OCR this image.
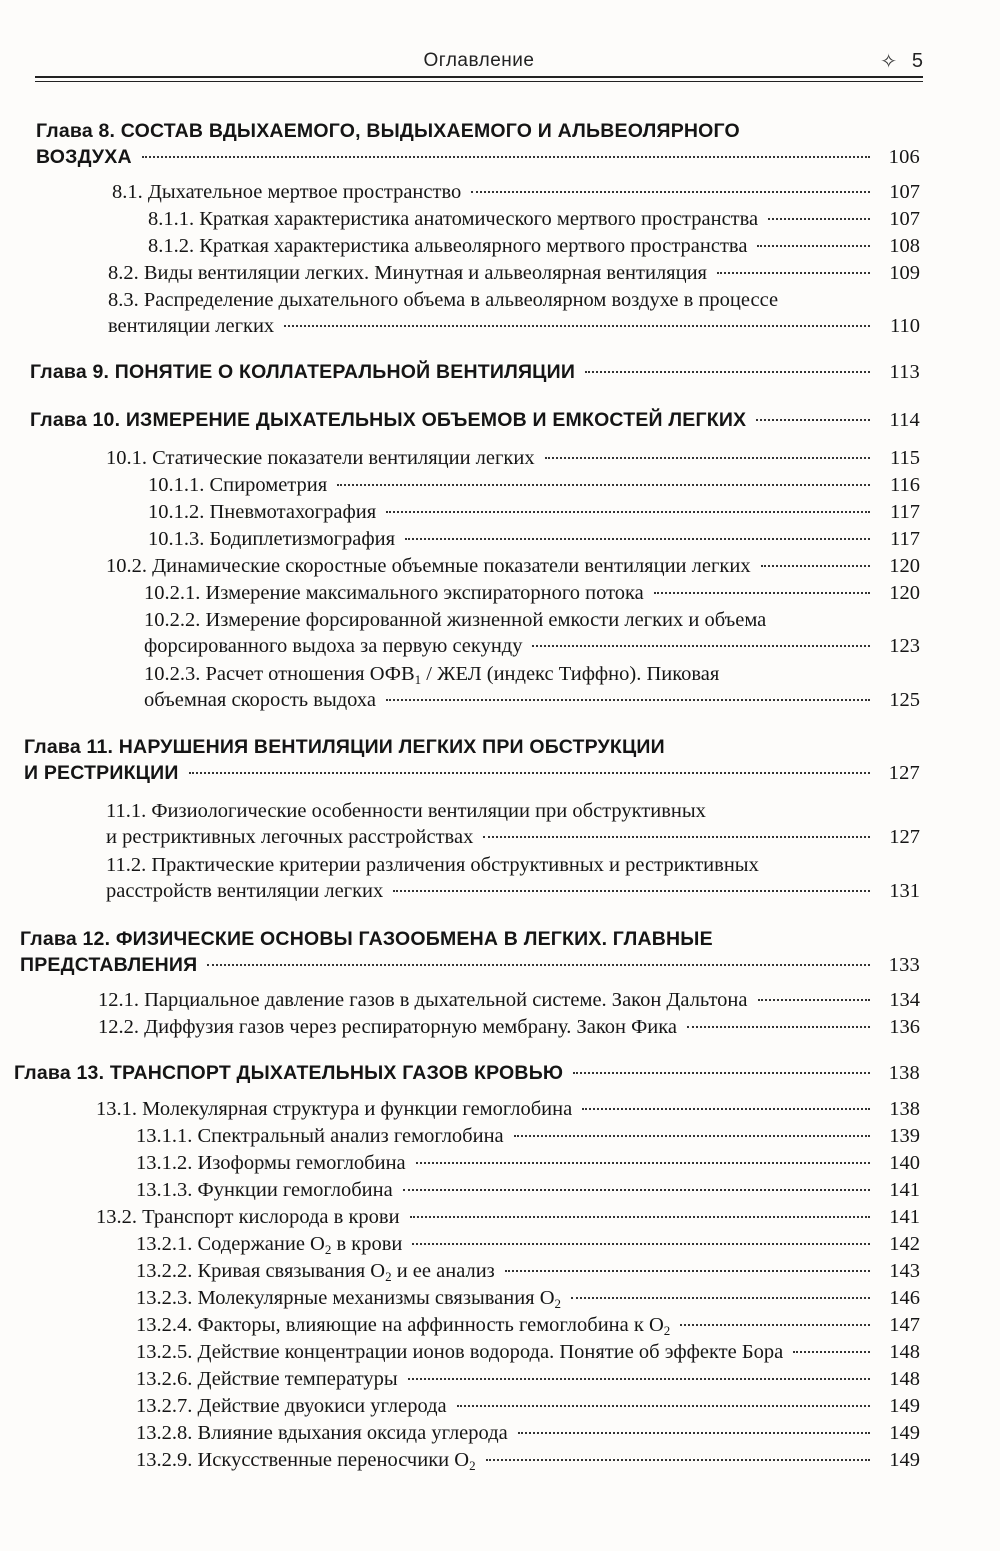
Оглавление	✧ 5
Глава 8. СОСТАВ ВДЫХАЕМОГО, ВЫДЫХАЕМОГО И АЛЬВЕОЛЯРНОГО
ВОЗДУХА	106
8.1. Дыхательное мертвое пространство	107
8.1.1. Краткая характеристика анатомического мертвого пространства	107
8.1.2. Краткая характеристика альвеолярного мертвого пространства	108
8.2. Виды вентиляции легких. Минутная и альвеолярная вентиляция	109
8.3. Распределение дыхательного объема в альвеолярном воздухе в процессе
вентиляции легких	110
Глава 9. ПОНЯТИЕ О КОЛЛАТЕРАЛЬНОЙ ВЕНТИЛЯЦИИ	113
Глава 10. ИЗМЕРЕНИЕ ДЫХАТЕЛЬНЫХ ОБЪЕМОВ И ЕМКОСТЕЙ ЛЕГКИХ	114
10.1. Статические показатели вентиляции легких	115
10.1.1. Спирометрия	116
10.1.2. Пневмотахография	117
10.1.3. Бодиплетизмография	117
10.2. Динамические скоростные объемные показатели вентиляции легких	120
10.2.1. Измерение максимального экспираторного потока	120
10.2.2. Измерение форсированной жизненной емкости легких и объема
форсированного выдоха за первую секунду	123
10.2.3. Расчет отношения $ОФВ_1$ / ЖЕЛ (индекс Тиффно). Пиковая
объемная скорость выдоха	125
Глава 11. НАРУШЕНИЯ ВЕНТИЛЯЦИИ ЛЕГКИХ ПРИ ОБСТРУКЦИИ
И РЕСТРИКЦИИ	127
11.1. Физиологические особенности вентиляции при обструктивных
и рестриктивных легочных расстройствах	127
11.2. Практические критерии различения обструктивных и рестриктивных
расстройств вентиляции легких	131
Глава 12. ФИЗИЧЕСКИЕ ОСНОВЫ ГАЗООБМЕНА В ЛЕГКИХ. ГЛАВНЫЕ
ПРЕДСТАВЛЕНИЯ	133
12.1. Парциальное давление газов в дыхательной системе. Закон Дальтона	134
12.2. Диффузия газов через респираторную мембрану. Закон Фика	136
Глава 13. ТРАНСПОРТ ДЫХАТЕЛЬНЫХ ГАЗОВ КРОВЬЮ	138
13.1. Молекулярная структура и функции гемоглобина	138
13.1.1. Спектральный анализ гемоглобина	139
13.1.2. Изоформы гемоглобина	140
13.1.3. Функции гемоглобина	141
13.2. Транспорт кислорода в крови	141
13.2.1. Содержание $O_2$ в крови	142
13.2.2. Кривая связывания $O_2$ и ее анализ	143
13.2.3. Молекулярные механизмы связывания $O_2$	146
13.2.4. Факторы, влияющие на аффинность гемоглобина к $O_2$	147
13.2.5. Действие концентрации ионов водорода. Понятие об эффекте Бора	148
13.2.6. Действие температуры	148
13.2.7. Действие двуокиси углерода	149
13.2.8. Влияние вдыхания оксида углерода	149
13.2.9. Искусственные переносчики $O_2$	149
